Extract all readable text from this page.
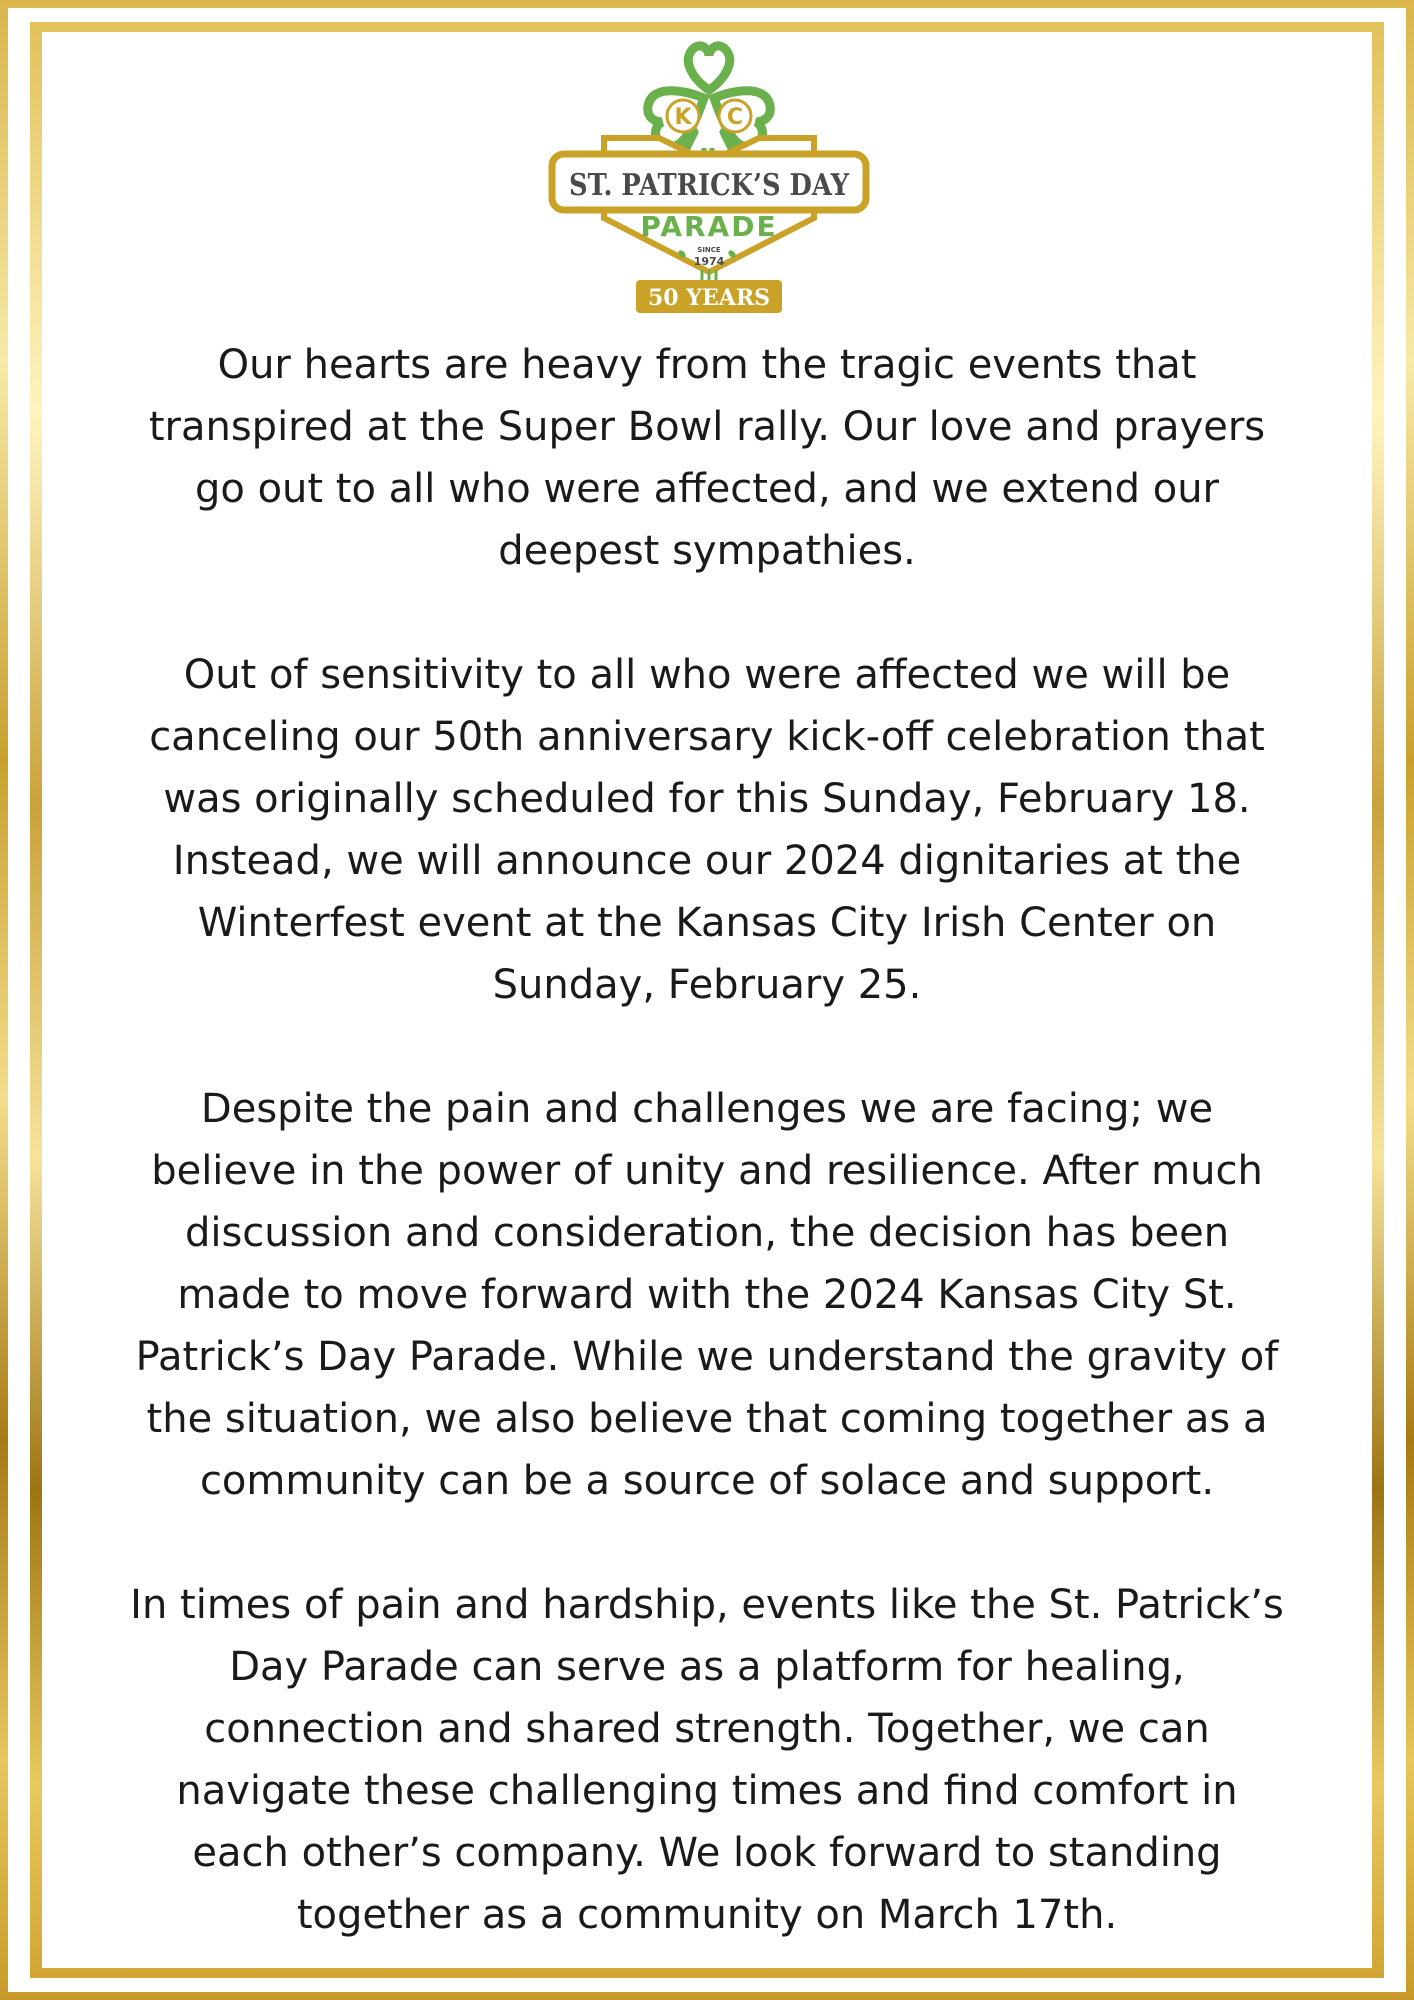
K C
ST. PATRICK’S DAY
PARADE
SINCE
1974
50 YEARS

Our hearts are heavy from the tragic events that
transpired at the Super Bowl rally. Our love and prayers
go out to all who were affected, and we extend our
deepest sympathies.

Out of sensitivity to all who were affected we will be
canceling our 50th anniversary kick-off celebration that
was originally scheduled for this Sunday, February 18.
Instead, we will announce our 2024 dignitaries at the
Winterfest event at the Kansas City Irish Center on
Sunday, February 25.

Despite the pain and challenges we are facing; we
believe in the power of unity and resilience. After much
discussion and consideration, the decision has been
made to move forward with the 2024 Kansas City St.
Patrick’s Day Parade. While we understand the gravity of
the situation, we also believe that coming together as a
community can be a source of solace and support.

In times of pain and hardship, events like the St. Patrick’s
Day Parade can serve as a platform for healing,
connection and shared strength. Together, we can
navigate these challenging times and find comfort in
each other’s company. We look forward to standing
together as a community on March 17th.
